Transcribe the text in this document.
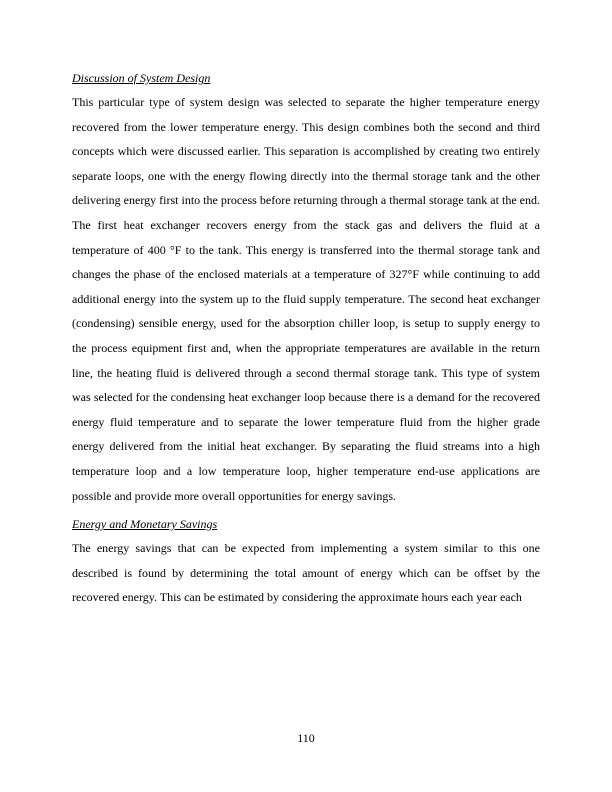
Discussion of System Design

This particular type of system design was selected to separate the higher temperature energy recovered from the lower temperature energy. This design combines both the second and third concepts which were discussed earlier. This separation is accomplished by creating two entirely separate loops, one with the energy flowing directly into the thermal storage tank and the other delivering energy first into the process before returning through a thermal storage tank at the end. The first heat exchanger recovers energy from the stack gas and delivers the fluid at a temperature of 400 °F to the tank. This energy is transferred into the thermal storage tank and changes the phase of the enclosed materials at a temperature of 327°F while continuing to add additional energy into the system up to the fluid supply temperature. The second heat exchanger (condensing) sensible energy, used for the absorption chiller loop, is setup to supply energy to the process equipment first and, when the appropriate temperatures are available in the return line, the heating fluid is delivered through a second thermal storage tank. This type of system was selected for the condensing heat exchanger loop because there is a demand for the recovered energy fluid temperature and to separate the lower temperature fluid from the higher grade energy delivered from the initial heat exchanger. By separating the fluid streams into a high temperature loop and a low temperature loop, higher temperature end-use applications are possible and provide more overall opportunities for energy savings.

Energy and Monetary Savings

The energy savings that can be expected from implementing a system similar to this one described is found by determining the total amount of energy which can be offset by the recovered energy. This can be estimated by considering the approximate hours each year each

110
